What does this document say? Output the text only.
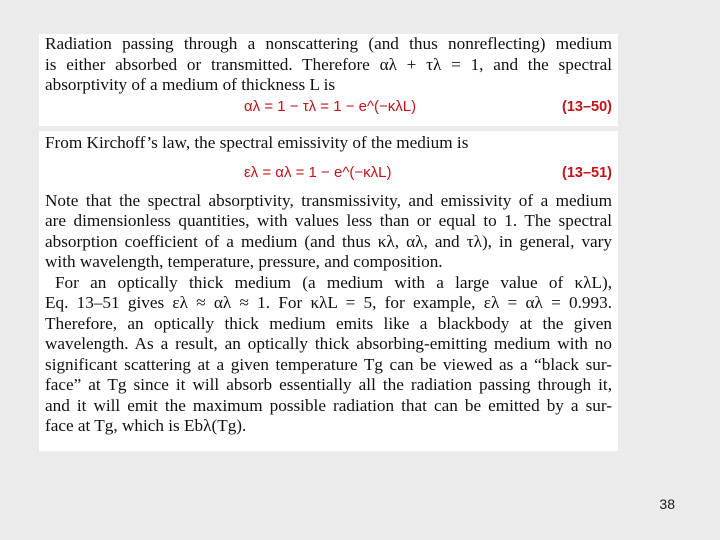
Radiation passing through a nonscattering (and thus nonreflecting) medium
is either absorbed or transmitted. Therefore αλ + τλ = 1, and the spectral
absorptivity of a medium of thickness L is
αλ = 1 − τλ = 1 − e^(−κλL)	(13–50)
From Kirchoff’s law, the spectral emissivity of the medium is
ελ = αλ = 1 − e^(−κλL)	(13–51)
Note that the spectral absorptivity, transmissivity, and emissivity of a medium
are dimensionless quantities, with values less than or equal to 1. The spectral
absorption coefficient of a medium (and thus κλ, αλ, and τλ), in general, vary
with wavelength, temperature, pressure, and composition.
For an optically thick medium (a medium with a large value of κλL),
Eq. 13–51 gives ελ ≈ αλ ≈ 1. For κλL = 5, for example, ελ = αλ = 0.993.
Therefore, an optically thick medium emits like a blackbody at the given
wavelength. As a result, an optically thick absorbing-emitting medium with no
significant scattering at a given temperature Tg can be viewed as a “black sur-
face” at Tg since it will absorb essentially all the radiation passing through it,
and it will emit the maximum possible radiation that can be emitted by a sur-
face at Tg, which is Ebλ(Tg).
38
